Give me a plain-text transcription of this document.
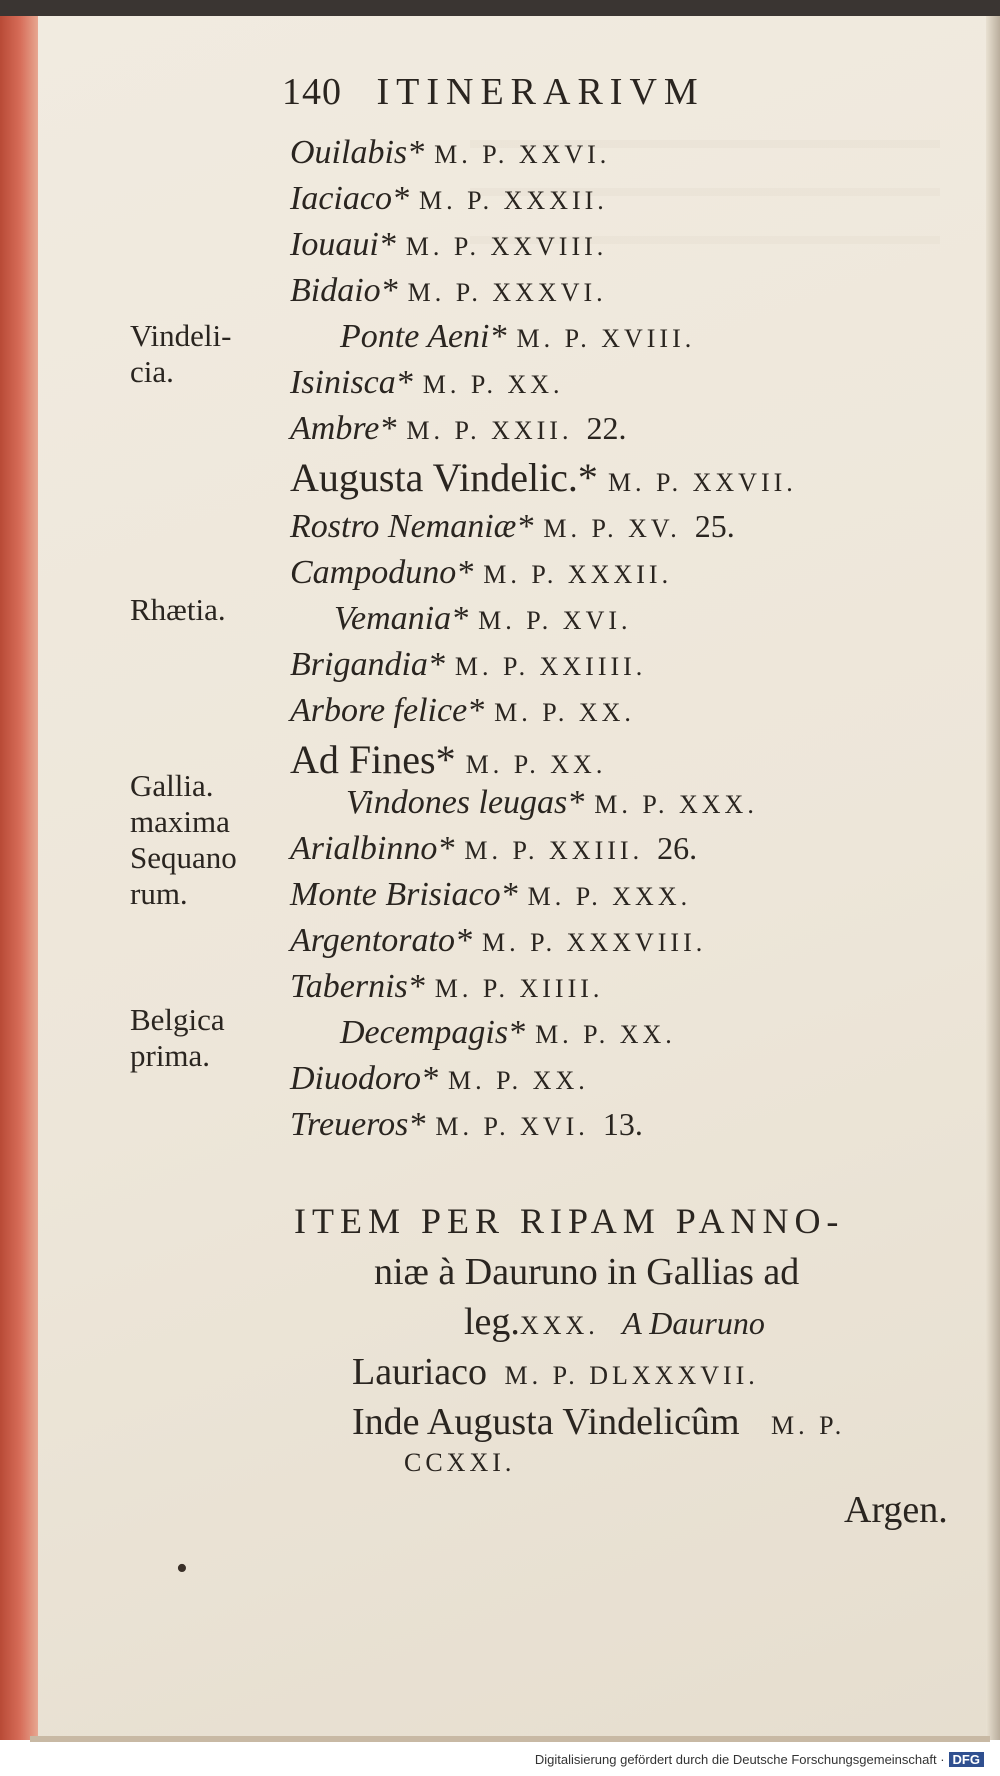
140 ITINERARIVM
Vindeli-
cia.
Rhætia.
Gallia.
maxima
Sequano
rum.
Belgica
prima.
Ouilabis* M. P. XXVI.
Iaciaco* M. P. XXXII.
Iouaui* M. P. XXVIII.
Bidaio* M. P. XXXVI.
Ponte Aeni* M. P. XVIII.
Isinisca* M. P. XX.
Ambre* M. P. XXII. 22.
Augusta Vindelic.* M. P. XXVII.
Rostro Nemaniæ* M. P. XV. 25.
Campoduno* M. P. XXXII.
Vemania* M. P. XVI.
Brigandia* M. P. XXIIII.
Arbore felice* M. P. XX.
Ad Fines* M. P. XX.
Vindones leugas* M. P. XXX.
Arialbinno* M. P. XXIII. 26.
Monte Brisiaco* M. P. XXX.
Argentorato* M. P. XXXVIII.
Tabernis* M. P. XIIII.
Decempagis* M. P. XX.
Diuodoro* M. P. XX.
Treueros* M. P. XVI. 13.
ITEM PER RIPAM PANNO-
niæ à Dauruno in Gallias ad
leg.XXX. A Dauruno
Lauriaco M. P. DLXXXVII.
Inde Augusta Vindelicûm M. P.
CCXXI.
Argen.
•
Digitalisierung gefördert durch die Deutsche Forschungsgemeinschaft · DFG
